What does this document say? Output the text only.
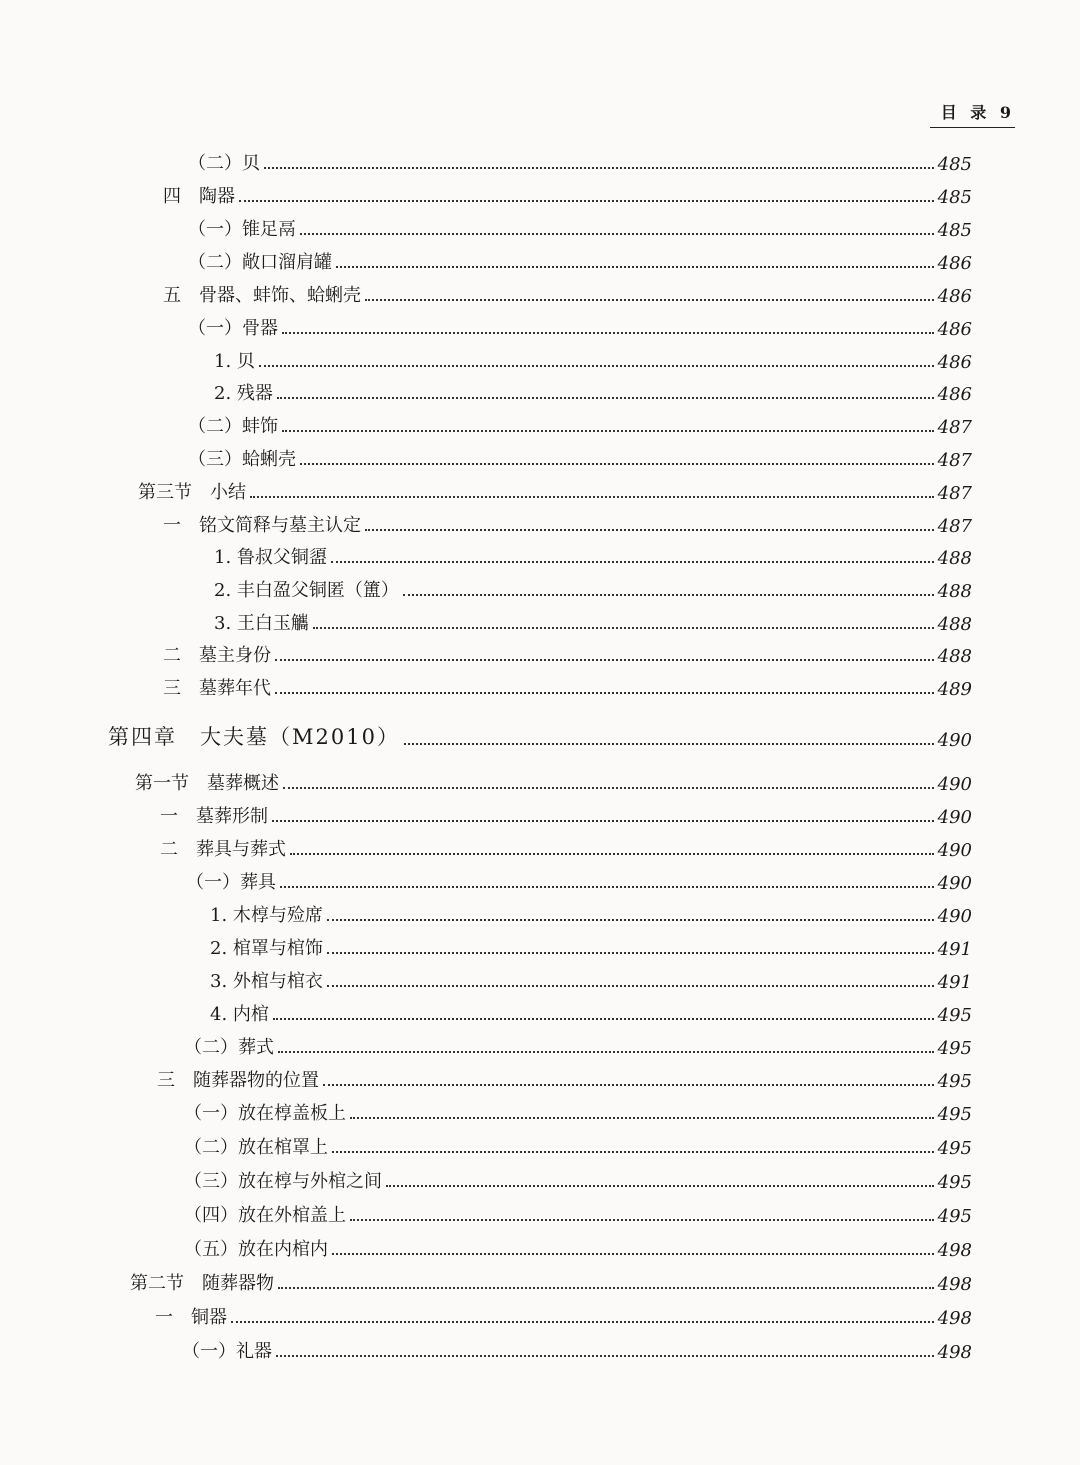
目 录 9
（二）贝	485
四　陶器	485
（一）锥足鬲	485
（二）敞口溜肩罐	486
五　骨器、蚌饰、蛤蜊壳	486
（一）骨器	486
1. 贝	486
2. 残器	486
（二）蚌饰	487
（三）蛤蜊壳	487
第三节　小结	487
一　铭文简释与墓主认定	487
1. 鲁叔父铜盨	488
2. 丰白盈父铜匿（簠）	488
3. 王白玉觿	488
二　墓主身份	488
三　墓葬年代	489
第四章　大夫墓（M2010）	490
第一节　墓葬概述	490
一　墓葬形制	490
二　葬具与葬式	490
（一）葬具	490
1. 木椁与殓席	490
2. 棺罩与棺饰	491
3. 外棺与棺衣	491
4. 内棺	495
（二）葬式	495
三　随葬器物的位置	495
（一）放在椁盖板上	495
（二）放在棺罩上	495
（三）放在椁与外棺之间	495
（四）放在外棺盖上	495
（五）放在内棺内	498
第二节　随葬器物	498
一　铜器	498
（一）礼器	498
